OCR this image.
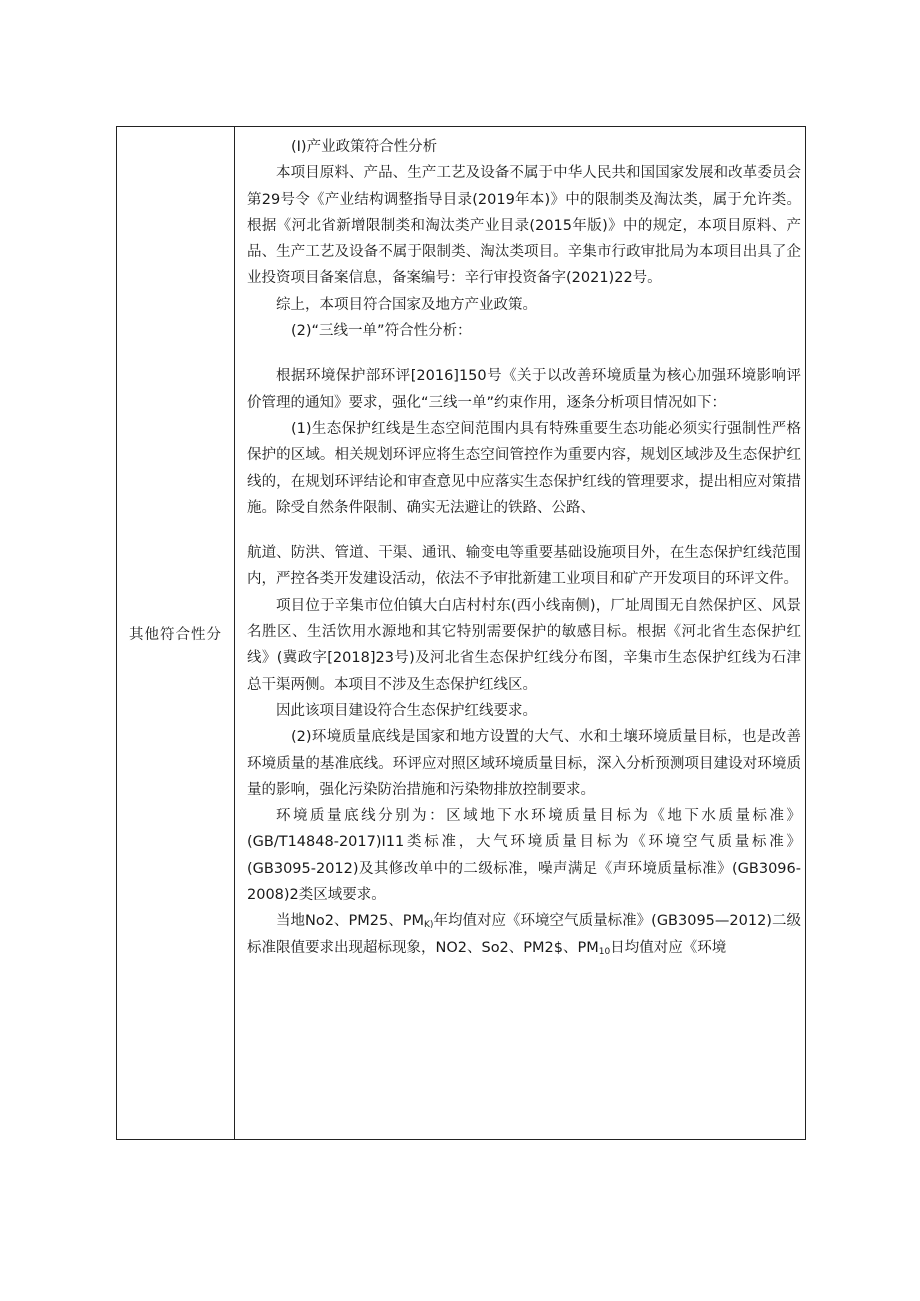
其他符合性分

(I)产业政策符合性分析

本项目原料、产品、生产工艺及设备不属于中华人民共和国国家发展和改革委员会第29号令《产业结构调整指导目录(2019年本)》中的限制类及淘汰类，属于允许类。根据《河北省新增限制类和淘汰类产业目录(2015年版)》中的规定，本项目原料、产品、生产工艺及设备不属于限制类、淘汰类项目。辛集市行政审批局为本项目出具了企业投资项目备案信息，备案编号：辛行审投资备字(2021)22号。

综上，本项目符合国家及地方产业政策。

(2)“三线一单”符合性分析：

根据环境保护部环评[2016]150号《关于以改善环境质量为核心加强环境影响评价管理的通知》要求，强化“三线一单”约束作用，逐条分析项目情况如下：

(1)生态保护红线是生态空间范围内具有特殊重要生态功能必须实行强制性严格保护的区域。相关规划环评应将生态空间管控作为重要内容，规划区域涉及生态保护红线的，在规划环评结论和审查意见中应落实生态保护红线的管理要求，提出相应对策措施。除受自然条件限制、确实无法避让的铁路、公路、

航道、防洪、管道、干渠、通讯、输变电等重要基础设施项目外，在生态保护红线范围内，严控各类开发建设活动，依法不予审批新建工业项目和矿产开发项目的环评文件。

项目位于辛集市位伯镇大白店村村东(西小线南侧)，厂址周围无自然保护区、风景名胜区、生活饮用水源地和其它特别需要保护的敏感目标。根据《河北省生态保护红线》(冀政字[2018]23号)及河北省生态保护红线分布图，辛集市生态保护红线为石津总干渠两侧。本项目不涉及生态保护红线区。

因此该项目建设符合生态保护红线要求。

(2)环境质量底线是国家和地方设置的大气、水和土壤环境质量目标，也是改善环境质量的基准底线。环评应对照区域环境质量目标，深入分析预测项目建设对环境质量的影响，强化污染防治措施和污染物排放控制要求。

环境质量底线分别为：区域地下水环境质量目标为《地下水质量标准》(GB/T14848-2017)I11类标准，大气环境质量目标为《环境空气质量标准》(GB3095-2012)及其修改单中的二级标准，噪声满足《声环境质量标准》(GB3096-2008)2类区域要求。

当地No2、PM25、$PM_{K)}$年均值对应《环境空气质量标准》(GB3095—2012)二级标准限值要求出现超标现象，NO2、So2、PM2$、$PM_{10}$日均值对应《环境
